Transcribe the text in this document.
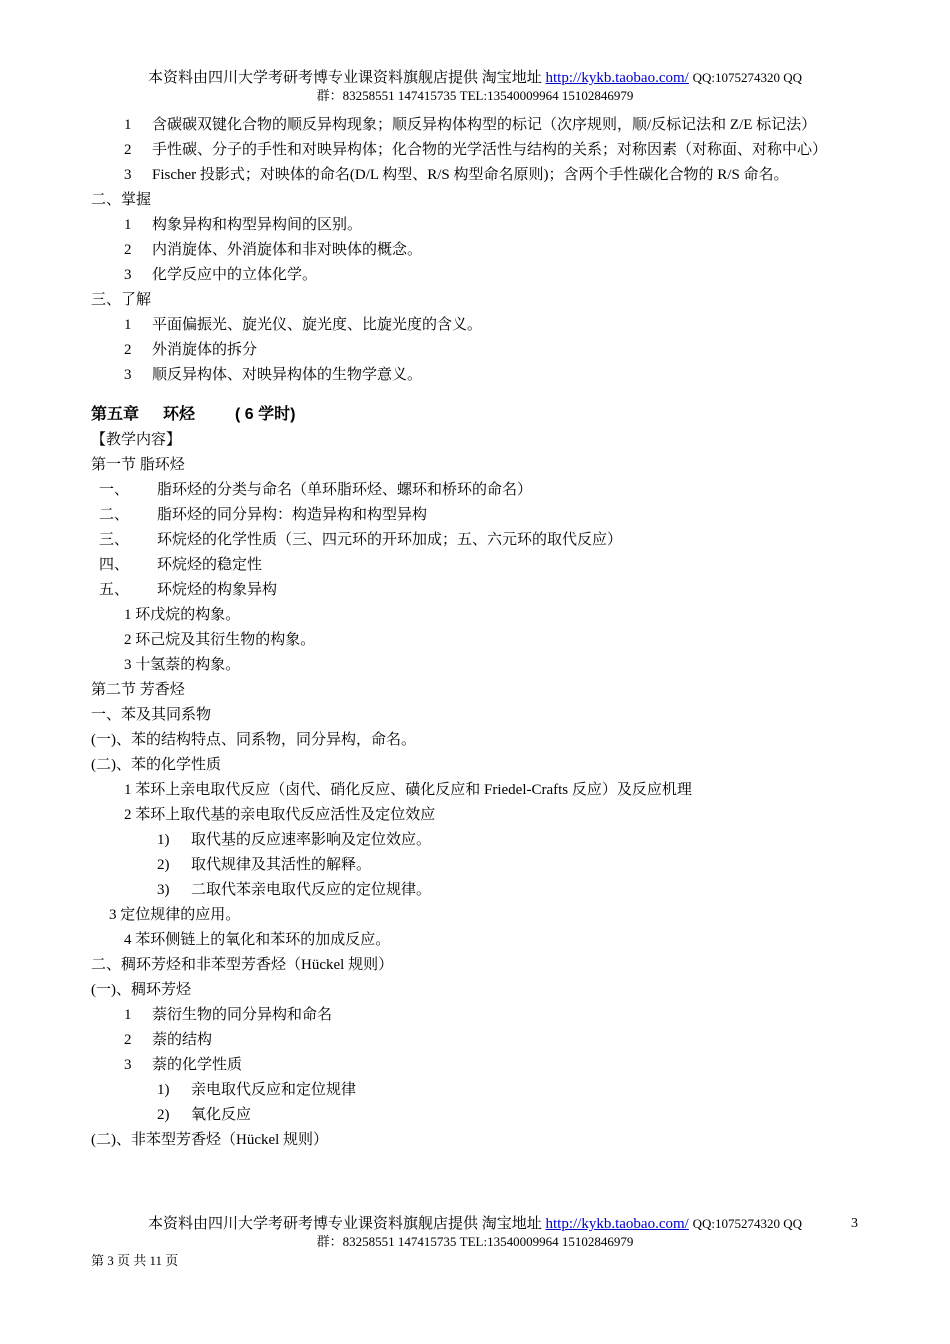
本资料由四川大学考研考博专业课资料旗舰店提供 淘宝地址 http://kykb.taobao.com/ QQ:1075274320 QQ
群：83258551 147415735 TEL:13540009964 15102846979
1	含碳碳双键化合物的顺反异构现象；顺反异构体构型的标记（次序规则，顺/反标记法和 Z/E 标记法）
2	手性碳、分子的手性和对映异构体；化合物的光学活性与结构的关系；对称因素（对称面、对称中心）
3 Fischer 投影式；对映体的命名(D/L 构型、R/S 构型命名原则)；含两个手性碳化合物的 R/S 命名。
二、掌握
1 构象异构和构型异构间的区别。
2 内消旋体、外消旋体和非对映体的概念。
3 化学反应中的立体化学。
三、了解
1 平面偏振光、旋光仪、旋光度、比旋光度的含义。
2 外消旋体的拆分
3 顺反异构体、对映异构体的生物学意义。
第五章 环烃	( 6 学时)
【教学内容】
第一节 脂环烃
一、 脂环烃的分类与命名（单环脂环烃、螺环和桥环的命名）
二、 脂环烃的同分异构：构造异构和构型异构
三、 环烷烃的化学性质（三、四元环的开环加成；五、六元环的取代反应）
四、 环烷烃的稳定性
五、 环烷烃的构象异构
1 环戊烷的构象。
2 环己烷及其衍生物的构象。
3 十氢萘的构象。
第二节 芳香烃
一、苯及其同系物
(一)、苯的结构特点、同系物，同分异构，命名。
(二)、苯的化学性质
1 苯环上亲电取代反应（卤代、硝化反应、磺化反应和 Friedel-Crafts 反应）及反应机理
2 苯环上取代基的亲电取代反应活性及定位效应
1) 取代基的反应速率影响及定位效应。
2) 取代规律及其活性的解释。
3) 二取代苯亲电取代反应的定位规律。
3 定位规律的应用。
4 苯环侧链上的氧化和苯环的加成反应。
二、稠环芳烃和非苯型芳香烃（Hückel 规则）
(一)、稠环芳烃
1 萘衍生物的同分异构和命名
2 萘的结构
3 萘的化学性质
1) 亲电取代反应和定位规律
2) 氧化反应
(二)、非苯型芳香烃（Hückel 规则）
本资料由四川大学考研考博专业课资料旗舰店提供 淘宝地址 http://kykb.taobao.com/ QQ:1075274320 QQ
群：83258551 147415735 TEL:13540009964 15102846979
3
第 3 页 共 11 页
